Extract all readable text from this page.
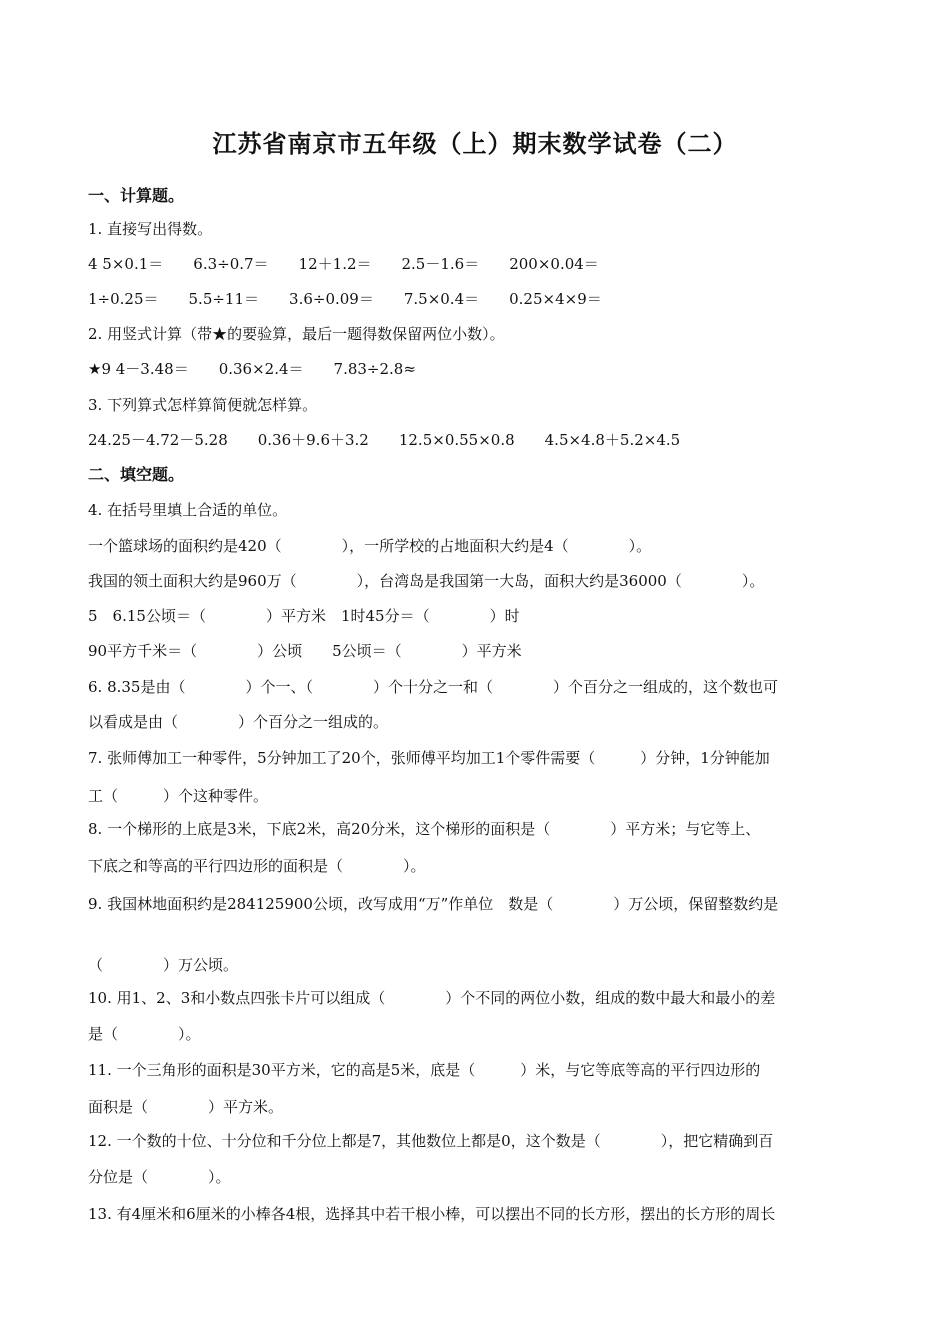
江苏省南京市五年级（上）期末数学试卷（二）
一、计算题。
1. 直接写出得数。
4 5×0.1＝　　6.3÷0.7＝　　12＋1.2＝　　2.5－1.6＝　　200×0.04＝
1÷0.25＝　　5.5÷11＝　　3.6÷0.09＝　　7.5×0.4＝　　0.25×4×9＝
2. 用竖式计算（带★的要验算，最后一题得数保留两位小数）。
★9 4－3.48＝　　0.36×2.4＝　　7.83÷2.8≈
3. 下列算式怎样算简便就怎样算。
24.25－4.72－5.28　　0.36＋9.6＋3.2　　12.5×0.55×0.8　　4.5×4.8＋5.2×4.5
二、填空题。
4. 在括号里填上合适的单位。
一个篮球场的面积约是420（　　　　），一所学校的占地面积大约是4（　　　　）。
我国的领土面积大约是960万（　　　　），台湾岛是我国第一大岛，面积大约是36000（　　　　）。
5　6.15公顷＝（　　　　）平方米　1时45分＝（　　　　）时
90平方千米＝（　　　　）公顷　　5公顷＝（　　　　）平方米
6. 8.35是由（　　　　）个一、（　　　　）个十分之一和（　　　　）个百分之一组成的，这个数也可
以看成是由（　　　　）个百分之一组成的。
7. 张师傅加工一种零件，5分钟加工了20个，张师傅平均加工1个零件需要（　　　）分钟，1分钟能加
工（　　　）个这种零件。
8. 一个梯形的上底是3米，下底2米，高20分米，这个梯形的面积是（　　　　）平方米；与它等上、
下底之和等高的平行四边形的面积是（　　　　）。
9. 我国林地面积约是284125900公顷，改写成用“万”作单位　数是（　　　　）万公顷，保留整数约是
（　　　　）万公顷。
10. 用1、2、3和小数点四张卡片可以组成（　　　　）个不同的两位小数，组成的数中最大和最小的差
是（　　　　）。
11. 一个三角形的面积是30平方米，它的高是5米，底是（　　　）米，与它等底等高的平行四边形的
面积是（　　　　）平方米。
12. 一个数的十位、十分位和千分位上都是7，其他数位上都是0，这个数是（　　　　），把它精确到百
分位是（　　　　）。
13. 有4厘米和6厘米的小棒各4根，选择其中若干根小棒，可以摆出不同的长方形，摆出的长方形的周长
